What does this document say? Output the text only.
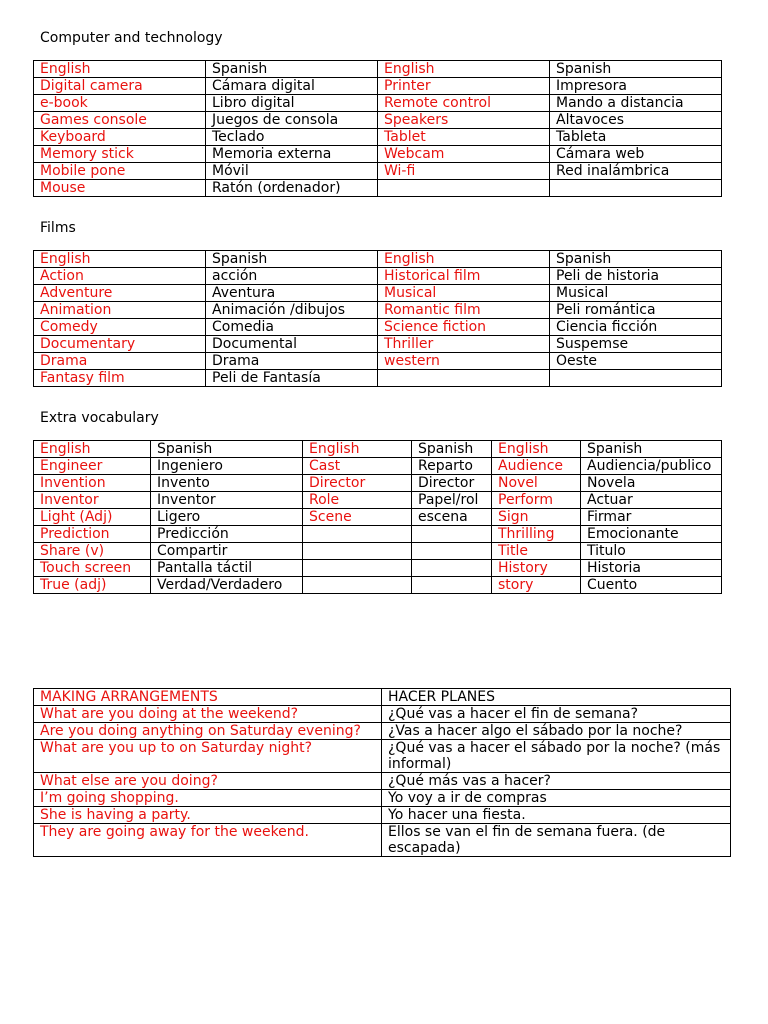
Computer and technology
English	Spanish	English	Spanish
Digital camera	Cámara digital	Printer	Impresora
e-book	Libro digital	Remote control	Mando a distancia
Games console	Juegos de consola	Speakers	Altavoces
Keyboard	Teclado	Tablet	Tableta
Memory stick	Memoria externa	Webcam	Cámara web
Mobile pone	Móvil	Wi-fi	Red inalámbrica
Mouse	Ratón (ordenador)		
Films
English	Spanish	English	Spanish
Action	acción	Historical film	Peli de historia
Adventure	Aventura	Musical	Musical
Animation	Animación /dibujos	Romantic film	Peli romántica
Comedy	Comedia	Science fiction	Ciencia ficción
Documentary	Documental	Thriller	Suspemse
Drama	Drama	western	Oeste
Fantasy film	Peli de Fantasía		
Extra vocabulary
English	Spanish	English	Spanish	English	Spanish
Engineer	Ingeniero	Cast	Reparto	Audience	Audiencia/publico
Invention	Invento	Director	Director	Novel	Novela
Inventor	Inventor	Role	Papel/rol	Perform	Actuar
Light (Adj)	Ligero	Scene	escena	Sign	Firmar
Prediction	Predicción			Thrilling	Emocionante
Share (v)	Compartir			Title	Titulo
Touch screen	Pantalla táctil			History	Historia
True (adj)	Verdad/Verdadero			story	Cuento
MAKING ARRANGEMENTS	HACER PLANES
What are you doing at the weekend?	¿Qué vas a hacer el fin de semana?
Are you doing anything on Saturday evening?	¿Vas a hacer algo el sábado por la noche?
What are you up to on Saturday night?	¿Qué vas a hacer el sábado por la noche? (más informal)
What else are you doing?	¿Qué más vas a hacer?
I’m going shopping.	Yo voy a ir de compras
She is having a party.	Yo hacer una fiesta.
They are going away for the weekend.	Ellos se van el fin de semana fuera. (de escapada)
